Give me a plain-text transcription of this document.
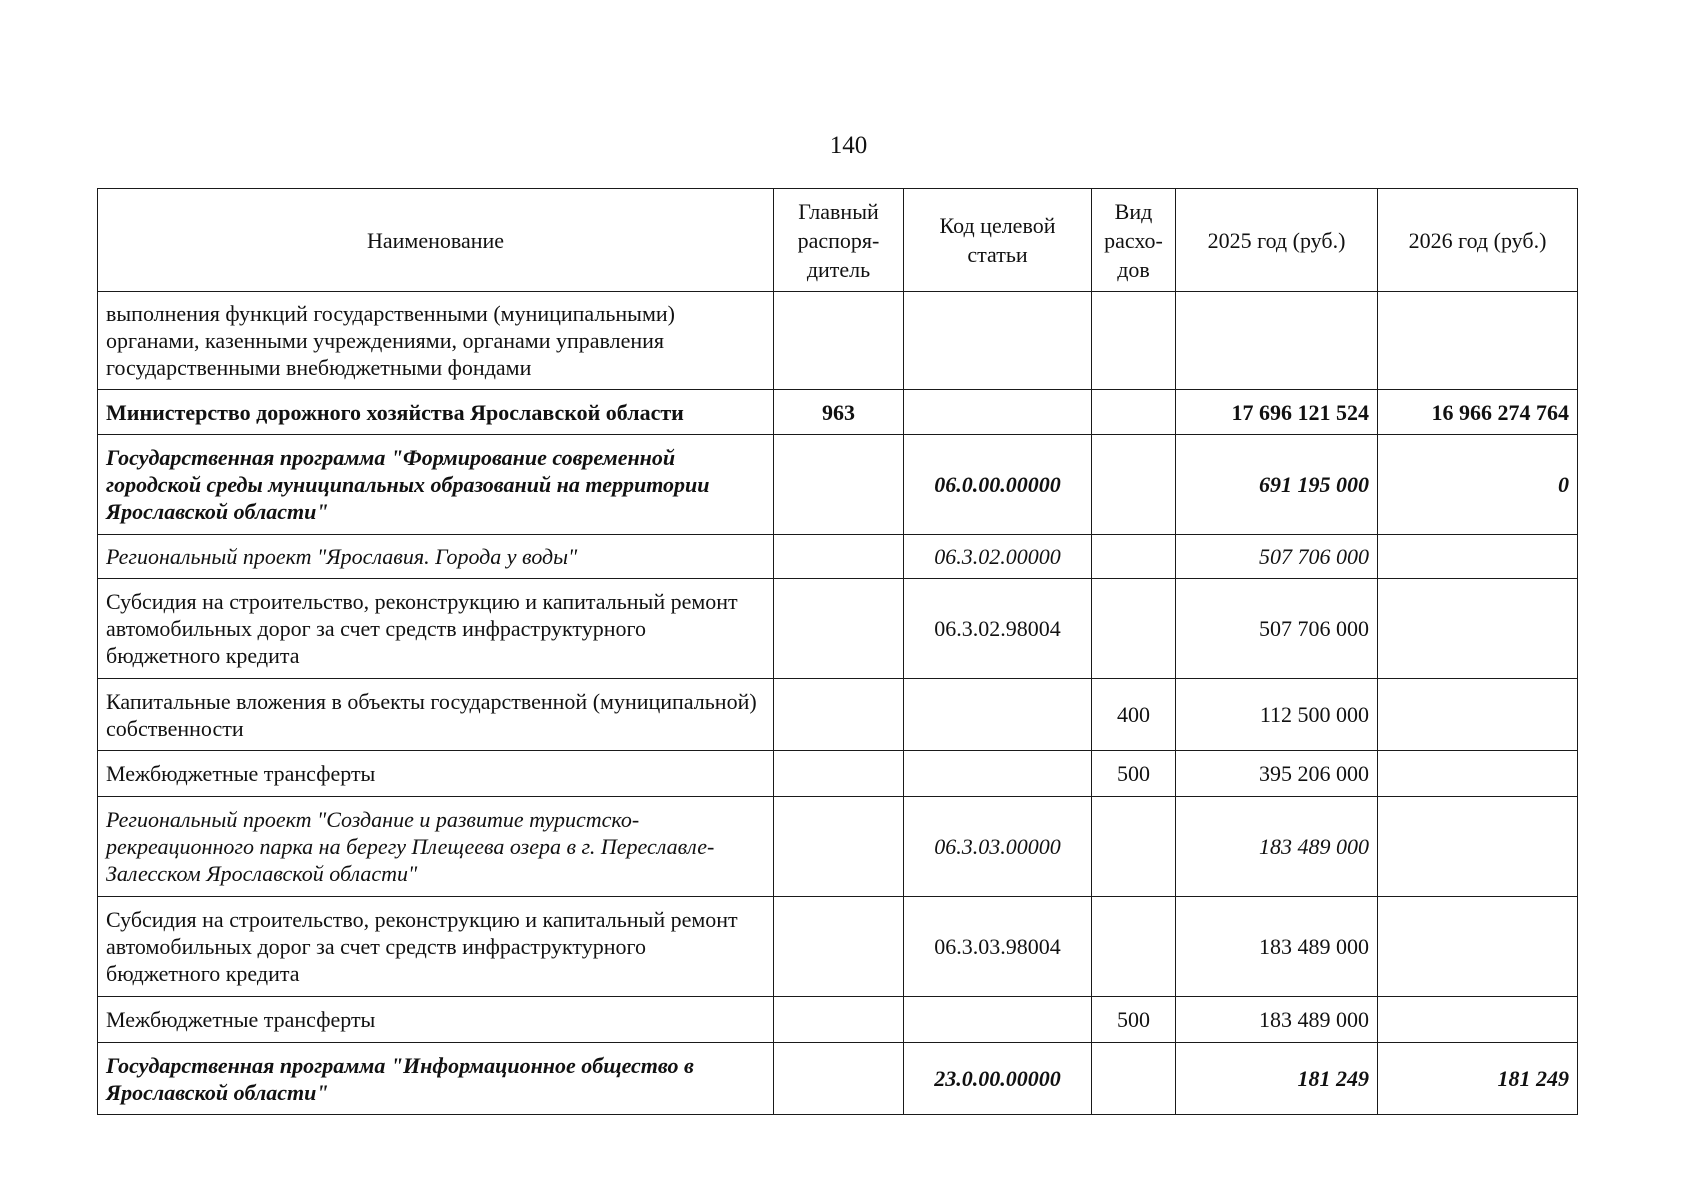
140
Наименование	Главный распоря-дитель	Код целевой статьи	Вид расхо-дов	2025 год (руб.)	2026 год (руб.)
выполнения функций государственными (муниципальными) органами, казенными учреждениями, органами управления государственными внебюджетными фондами					
Министерство дорожного хозяйства Ярославской области	963			17 696 121 524	16 966 274 764
Государственная программа "Формирование современной городской среды муниципальных образований на территории Ярославской области"		06.0.00.00000		691 195 000	0
Региональный проект "Ярославия. Города у воды"		06.3.02.00000		507 706 000	
Субсидия на строительство, реконструкцию и капитальный ремонт автомобильных дорог за счет средств инфраструктурного бюджетного кредита		06.3.02.98004		507 706 000	
Капитальные вложения в объекты государственной (муниципальной) собственности			400	112 500 000	
Межбюджетные трансферты			500	395 206 000	
Региональный проект "Создание и развитие туристско-рекреационного парка на берегу Плещеева озера в г. Переславле-Залесском Ярославской области"		06.3.03.00000		183 489 000	
Субсидия на строительство, реконструкцию и капитальный ремонт автомобильных дорог за счет средств инфраструктурного бюджетного кредита		06.3.03.98004		183 489 000	
Межбюджетные трансферты			500	183 489 000	
Государственная программа "Информационное общество в Ярославской области"		23.0.00.00000		181 249	181 249
